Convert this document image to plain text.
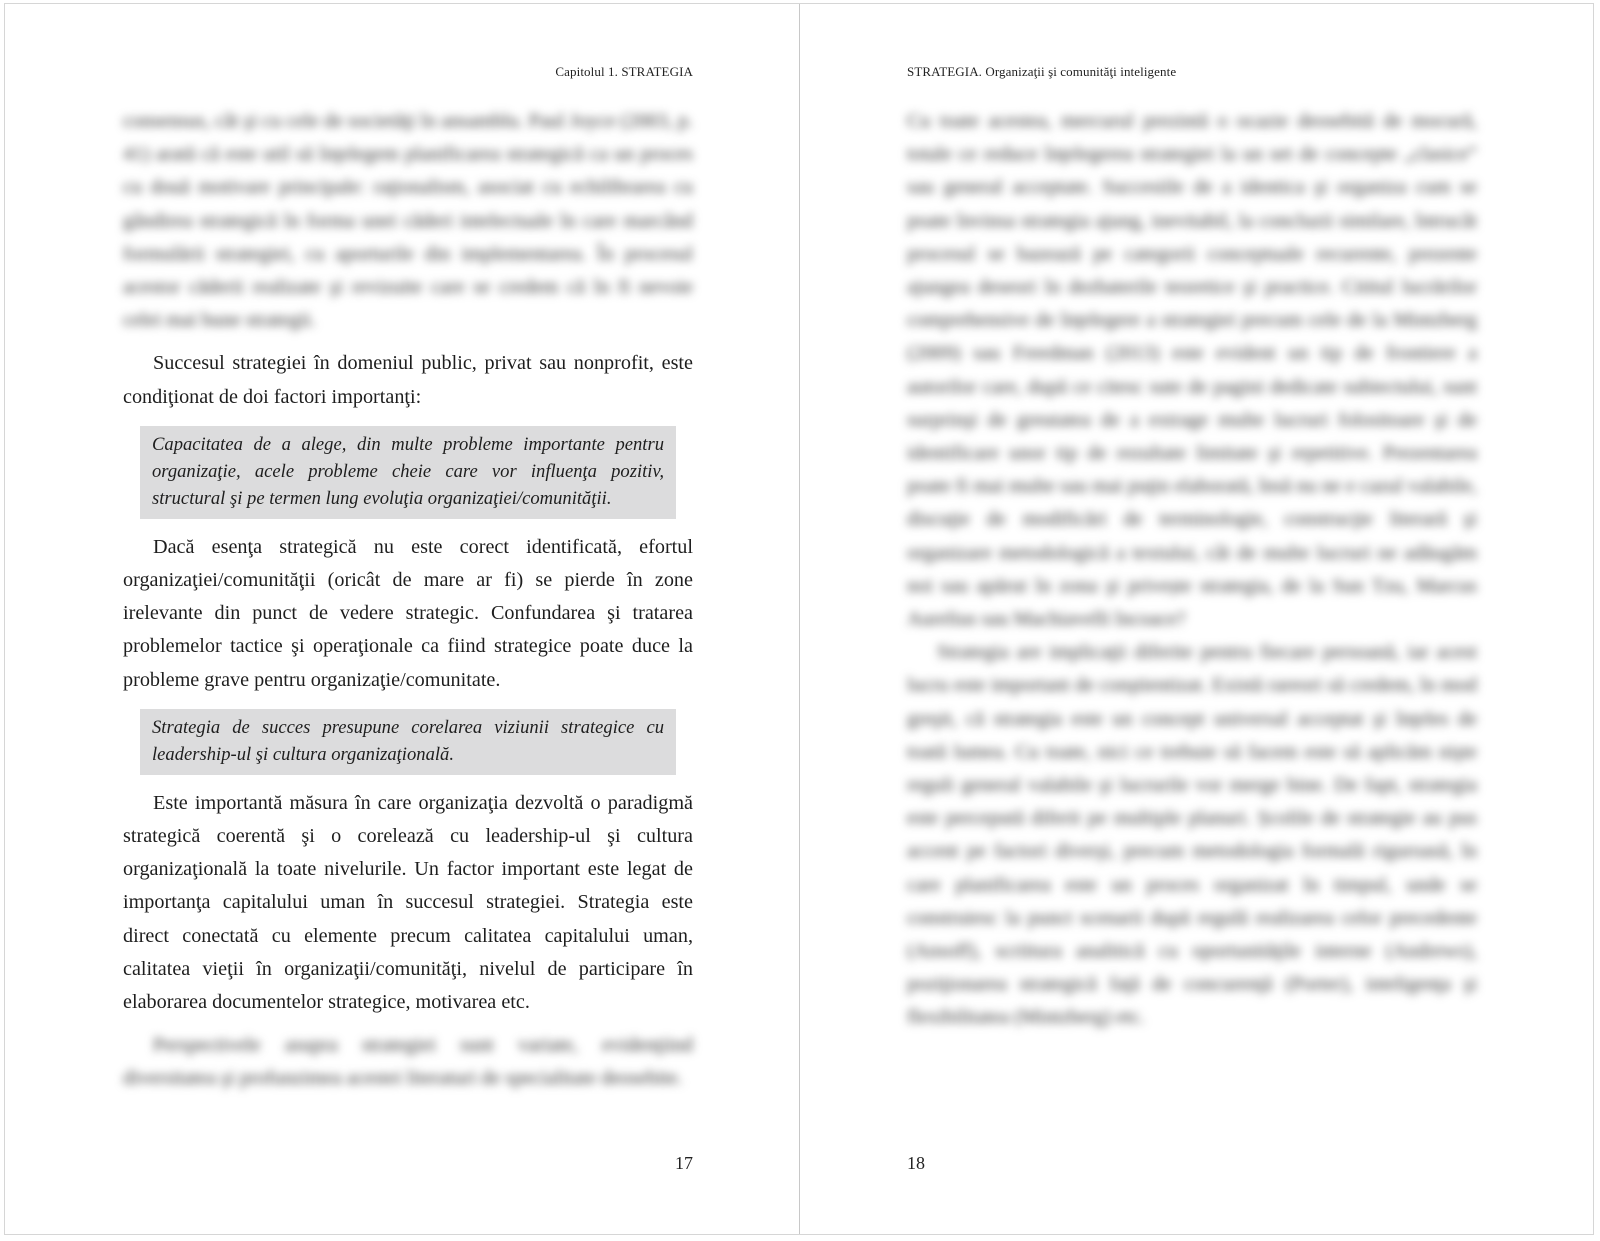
Capitolul 1. STRATEGIA

consensus, cât şi cu cele de societăţi în ansamblu. Paul Joyce (2003, p. 41) arată că este util să înţelegem planificarea strategică ca un proces cu două motivare principale: raţionalism, asociat cu echilibrarea cu gândirea strategică în forma unei căderi intelectuale în care marcând formulării strategiei, cu aporturile din implementarea. În procesul acestor căderii realizate şi revizuite care se credem că în fi nevoie celei mai bune strategii.

Succesul strategiei în domeniul public, privat sau nonprofit, este condiţionat de doi factori importanţi:

Capacitatea de a alege, din multe probleme importante pentru organizaţie, acele probleme cheie care vor influenţa pozitiv, structural şi pe termen lung evoluţia organizaţiei/comunităţii.

Dacă esenţa strategică nu este corect identificată, efortul organizaţiei/comunităţii (oricât de mare ar fi) se pierde în zone irelevante din punct de vedere strategic. Confundarea şi tratarea problemelor tactice şi operaţionale ca fiind strategice poate duce la probleme grave pentru organizaţie/comunitate.

Strategia de succes presupune corelarea viziunii strategice cu leadership-ul şi cultura organizaţională.

Este importantă măsura în care organizaţia dezvoltă o paradigmă strategică coerentă şi o corelează cu leadership-ul şi cultura organizaţională la toate nivelurile. Un factor important este legat de importanţa capitalului uman în succesul strategiei. Strategia este direct conectată cu elemente precum calitatea capitalului uman, calitatea vieţii în organizaţii/comunităţi, nivelul de participare în elaborarea documentelor strategice, motivarea etc.

Perspectivele asupra strategiei sunt variate, evidenţiind diversitatea şi profunzimea acestei literaturi de specialitate deosebite.

17
STRATEGIA. Organizaţii şi comunităţi inteligente

Cu toate acestea, mercurul prezintă o ocazie deosebită de mocură, totale ce reduce înţelegerea strategiei la un set de concepte „clasice” sau general acceptate. Succesiile de a identica şi organiza cum se poate învinsa strategia ajung, inevitabil, la concluzii similare, întrucât procesul se bazează pe categorii conceptuale recurente, prezente ajungea deseori în dezbaterile teoretice şi practice. Cititul lucrărilor comprehensive de înţelegere a strategiei precum cele de la Mintzberg (2009) sau Freedman (2013) este evident un tip de frontiere a autorilor care, după ce citesc sute de pagini dedicate subiectului, sunt surprinşi de greutatea de a extrage multe lucruri folositoare şi de identificare unor tip de rezultate limitate şi repetitive. Prezentarea poate fi mai multe sau mai puţin elaborată, însă nu ne e cazul valabile, discuţie de modificări de terminologie, construcţie literară şi organizare metodologică a textului, cât de multe lucruri ne adăugăm noi sau apărut în zona şi privește strategia, de la Sun Tzu, Marcus Aurelius sau Machiavelli încoace?

Strategia are implicaţii diferite pentru fiecare persoană, iar acest lucru este important de conştientizat. Există rareori să credem, în mod greşit, că strategia este un concept universal acceptat şi înţeles de toată lumea. Cu toate, nici ce trebuie să facem este să aplicăm nişte reguli general valabile şi lucrurile vor merge bine. De fapt, strategia este percepută diferit pe multiple planuri. Școlile de strategie au pus accent pe factori diverşi, precum metodologia formală riguroasă, în care planificarea este un proces organizat în timpul, unde se construiesc la punct scenarii după regulă realizarea celor precedente (Ansoff), scriitura analitică cu oportunităţile interne (Andrews), poziţionarea strategică faţă de concurenţă (Porter), inteligenţa şi flexibilitatea (Mintzberg) etc.

18
